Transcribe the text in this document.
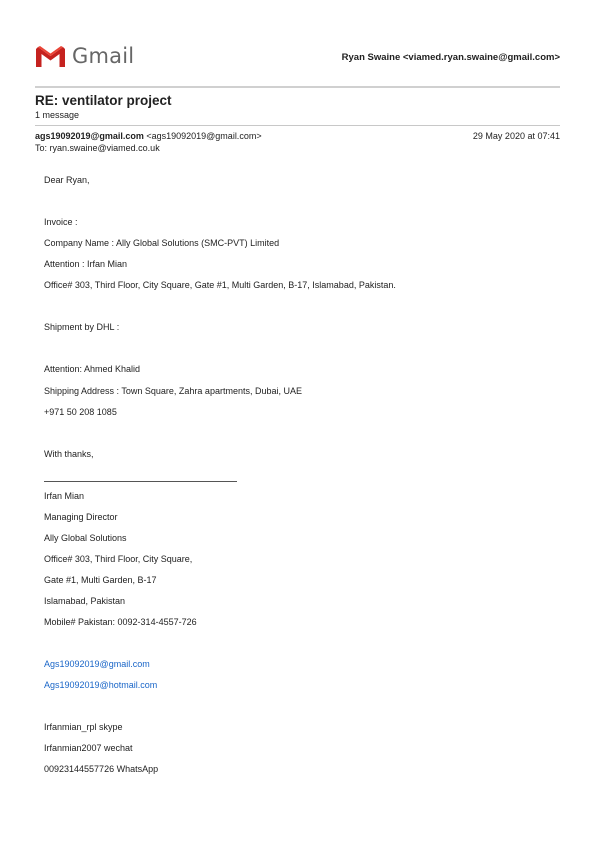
Gmail	Ryan Swaine <viamed.ryan.swaine@gmail.com>
RE: ventilator project
1 message
ags19092019@gmail.com <ags19092019@gmail.com>	29 May 2020 at 07:41
To: ryan.swaine@viamed.co.uk
Dear Ryan,
Invoice :
Company Name : Ally Global Solutions (SMC-PVT) Limited
Attention : Irfan Mian
Office# 303, Third Floor, City Square, Gate #1, Multi Garden, B-17, Islamabad, Pakistan.
Shipment by DHL :
Attention: Ahmed Khalid
Shipping Address : Town Square, Zahra apartments, Dubai, UAE
+971 50 208 1085
With thanks,
Irfan Mian
Managing Director
Ally Global Solutions
Office# 303, Third Floor, City Square,
Gate #1, Multi Garden, B-17
Islamabad, Pakistan
Mobile# Pakistan: 0092-314-4557-726
Ags19092019@gmail.com
Ags19092019@hotmail.com
Irfanmian_rpl skype
Irfanmian2007 wechat
00923144557726 WhatsApp
